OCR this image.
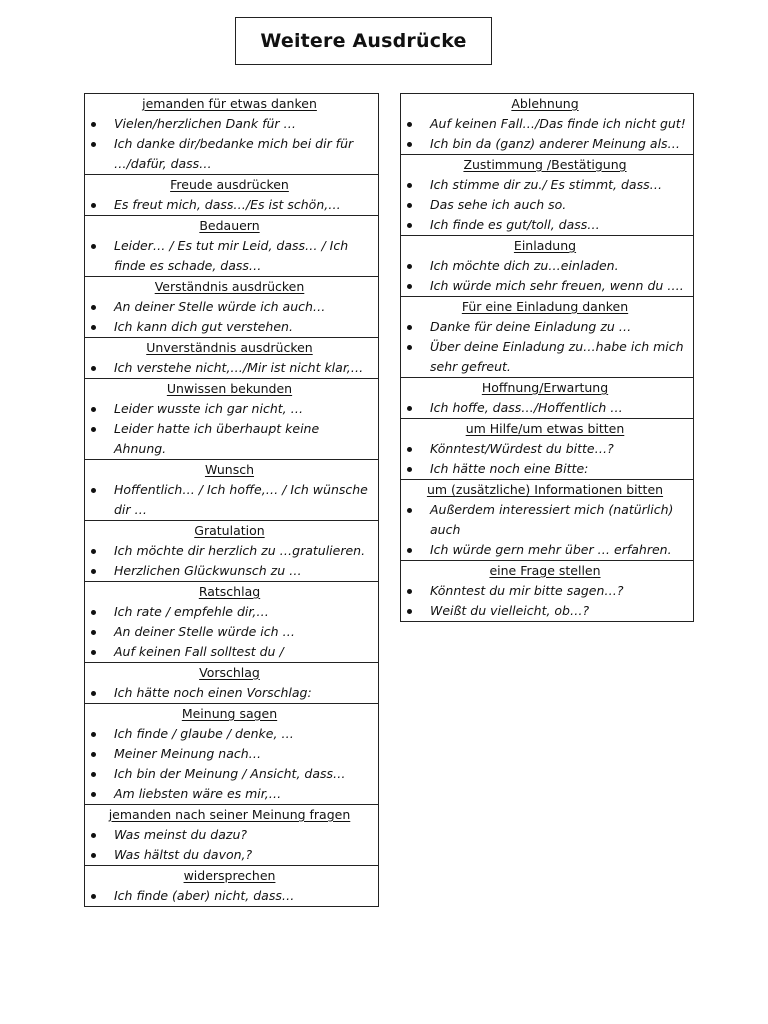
Weitere Ausdrücke
jemanden für etwas danken
Vielen/herzlichen Dank für …
Ich danke dir/bedanke mich bei dir für …/dafür, dass…
Freude ausdrücken
Es freut mich, dass…/Es ist schön,…
Bedauern
Leider… / Es tut mir Leid, dass… / Ich finde es schade, dass…
Verständnis ausdrücken
An deiner Stelle würde ich auch…
Ich kann dich gut verstehen.
Unverständnis ausdrücken
Ich verstehe nicht,…/Mir ist nicht klar,…
Unwissen bekunden
Leider wusste ich gar nicht, …
Leider hatte ich überhaupt keine Ahnung.
Wunsch
Hoffentlich… / Ich hoffe,… / Ich wünsche dir …
Gratulation
Ich möchte dir herzlich zu …gratulieren.
Herzlichen Glückwunsch zu …
Ratschlag
Ich rate / empfehle dir,…
An deiner Stelle würde ich …
Auf keinen Fall solltest du /
Vorschlag
Ich hätte noch einen Vorschlag:
Meinung sagen
Ich finde / glaube / denke, …
Meiner Meinung nach…
Ich bin der Meinung / Ansicht, dass…
Am liebsten wäre es mir,…
jemanden nach seiner Meinung fragen
Was meinst du dazu?
Was hältst du davon,?
widersprechen
Ich finde (aber) nicht, dass…
Ablehnung
Auf keinen Fall…/Das finde ich nicht gut!
Ich bin da (ganz) anderer Meinung als…
Zustimmung /Bestätigung
Ich stimme dir zu./ Es stimmt, dass…
Das sehe ich auch so.
Ich finde es gut/toll, dass…
Einladung
Ich möchte dich zu…einladen.
Ich würde mich sehr freuen, wenn du ….
Für eine Einladung danken
Danke für deine Einladung zu …
Über deine Einladung zu…habe ich mich sehr gefreut.
Hoffnung/Erwartung
Ich hoffe, dass…/Hoffentlich …
um Hilfe/um etwas bitten
Könntest/Würdest du bitte…?
Ich hätte noch eine Bitte:
um (zusätzliche) Informationen bitten
Außerdem interessiert mich (natürlich) auch
Ich würde gern mehr über … erfahren.
eine Frage stellen
Könntest du mir bitte sagen…?
Weißt du vielleicht, ob…?
